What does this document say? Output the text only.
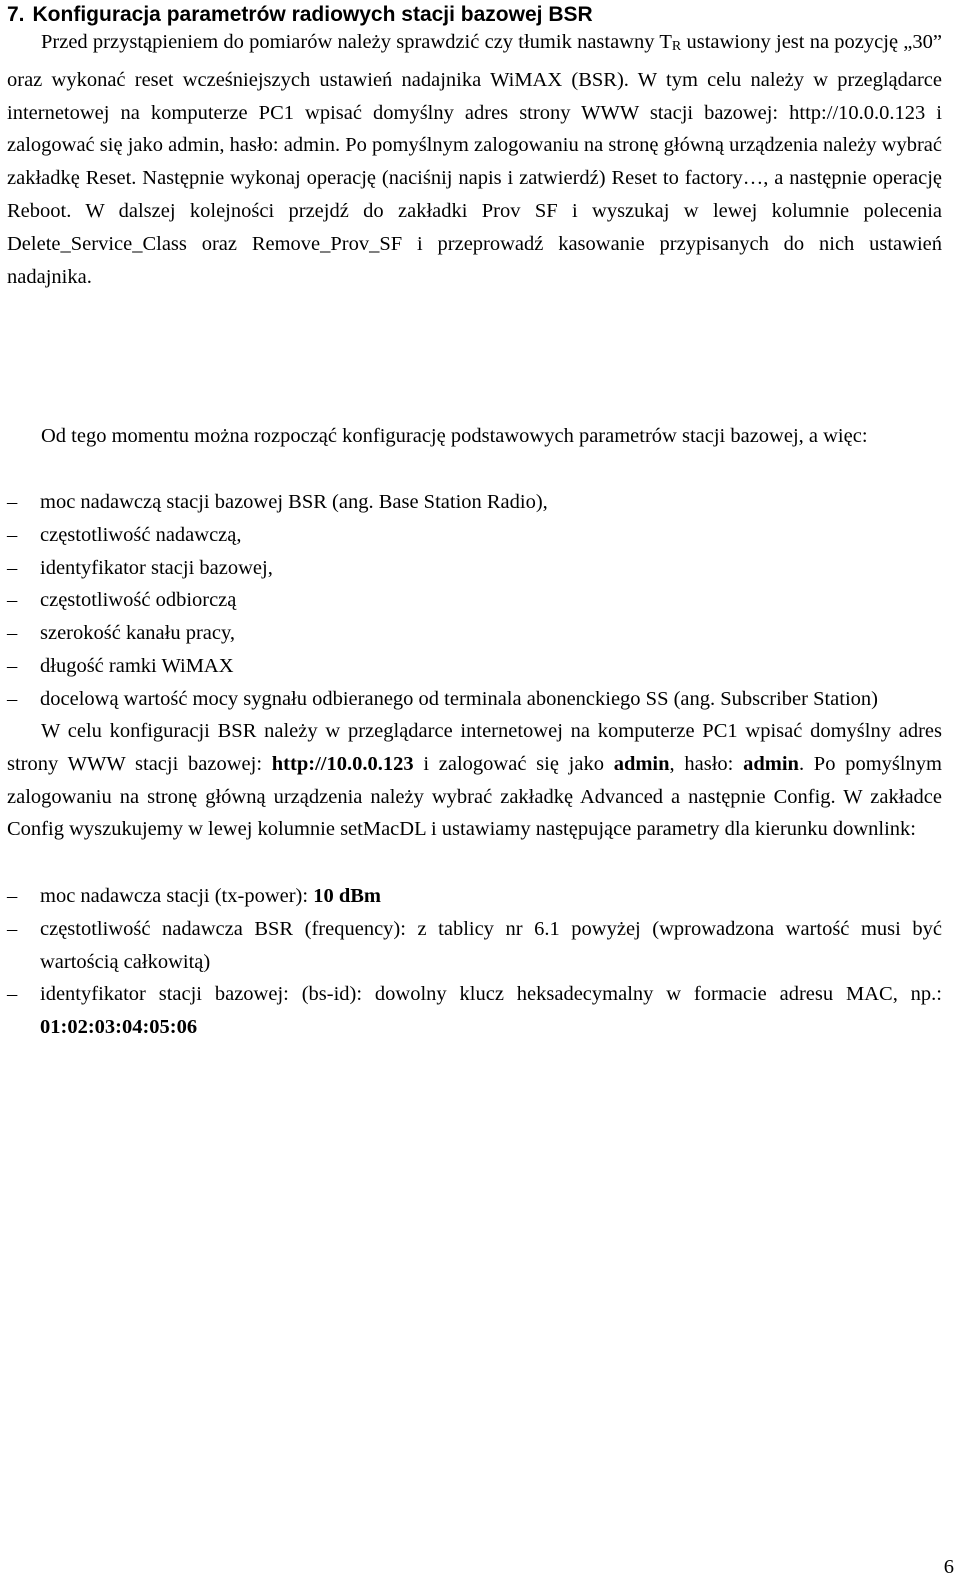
7. Konfiguracja parametrów radiowych stacji bazowej BSR

Przed przystąpieniem do pomiarów należy sprawdzić czy tłumik nastawny TR ustawiony jest na pozycję „30” oraz wykonać reset wcześniejszych ustawień nadajnika WiMAX (BSR). W tym celu należy w przeglądarce internetowej na komputerze PC1 wpisać domyślny adres strony WWW stacji bazowej: http://10.0.0.123 i zalogować się jako admin, hasło: admin. Po pomyślnym zalogowaniu na stronę główną urządzenia należy wybrać zakładkę Reset. Następnie wykonaj operację (naciśnij napis i zatwierdź) Reset to factory…, a następnie operację Reboot. W dalszej kolejności przejdź do zakładki Prov SF i wyszukaj w lewej kolumnie polecenia Delete_Service_Class oraz Remove_Prov_SF i przeprowadź kasowanie przypisanych do nich ustawień nadajnika.

Od tego momentu można rozpocząć konfigurację podstawowych parametrów stacji bazowej, a więc:

–
moc nadawczą stacji bazowej BSR (ang. Base Station Radio),
–
częstotliwość nadawczą,
–
identyfikator stacji bazowej,
–
częstotliwość odbiorczą
–
szerokość kanału pracy,
–
długość ramki WiMAX
–
docelową wartość mocy sygnału odbieranego od terminala abonenckiego SS (ang. Subscriber Station)

W celu konfiguracji BSR należy w przeglądarce internetowej na komputerze PC1 wpisać domyślny adres strony WWW stacji bazowej: http://10.0.0.123 i zalogować się jako admin, hasło: admin. Po pomyślnym zalogowaniu na stronę główną urządzenia należy wybrać zakładkę Advanced a następnie Config. W zakładce Config wyszukujemy w lewej kolumnie setMacDL i ustawiamy następujące parametry dla kierunku downlink:

–
moc nadawcza stacji (tx-power): 10 dBm
–
częstotliwość nadawcza BSR (frequency): z tablicy nr 6.1 powyżej (wprowadzona wartość musi być wartością całkowitą)
–
identyfikator stacji bazowej: (bs-id): dowolny klucz heksadecymalny w formacie adresu MAC, np.: 01:02:03:04:05:06
6
